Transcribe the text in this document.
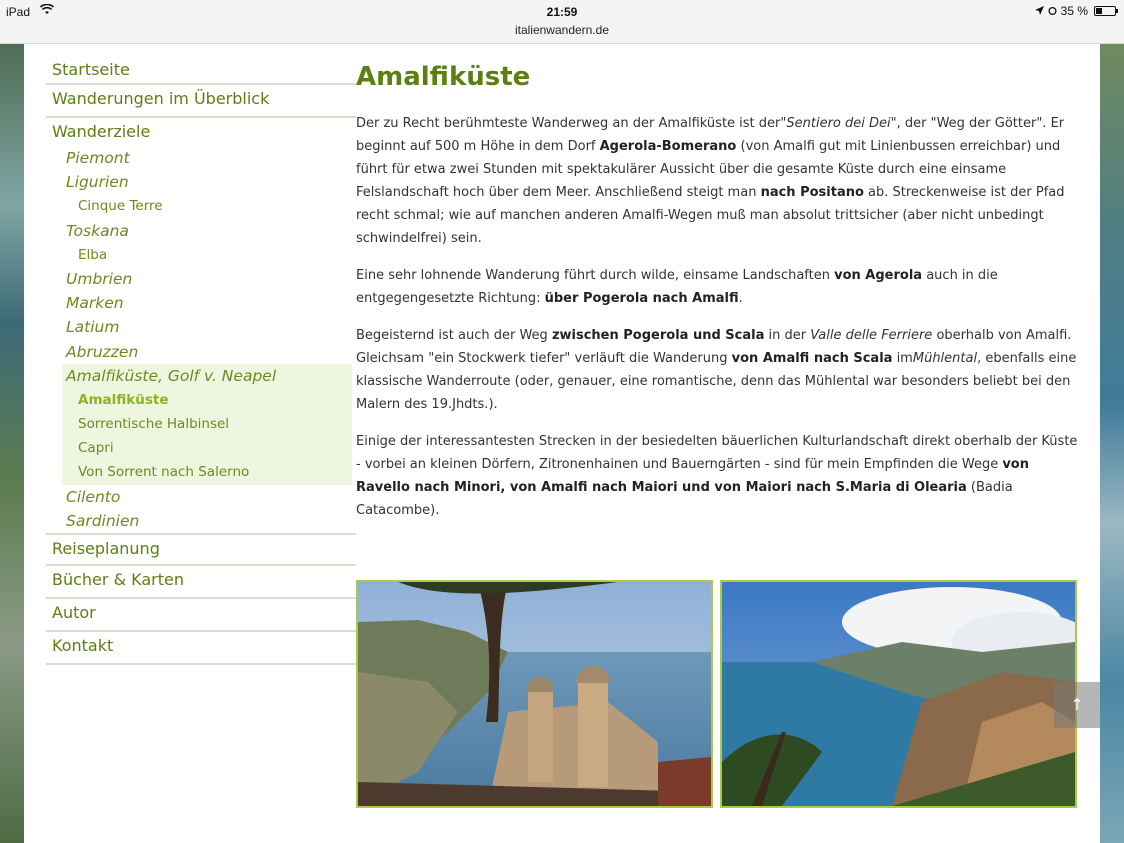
iPad	21:59
italienwandern.de
35 %
Startseite
Wanderungen im Überblick
Wanderziele
Piemont
Ligurien
Cinque Terre
Toskana
Elba
Umbrien
Marken
Latium
Abruzzen
Amalfiküste, Golf v. Neapel
Amalfiküste
Sorrentische Halbinsel
Capri
Von Sorrent nach Salerno
Cilento
Sardinien
Reiseplanung
Bücher & Karten
Autor
Kontakt
Amalfiküste

Der zu Recht berühmteste Wanderweg an der Amalfiküste ist der"Sentiero dei Dei", der "Weg der Götter". Er beginnt auf 500 m Höhe in dem Dorf Agerola-Bomerano (von Amalfi gut mit Linienbussen erreichbar) und führt für etwa zwei Stunden mit spektakulärer Aussicht über die gesamte Küste durch eine einsame Felslandschaft hoch über dem Meer. Anschließend steigt man nach Positano ab. Streckenweise ist der Pfad recht schmal; wie auf manchen anderen Amalfi-Wegen muß man absolut trittsicher (aber nicht unbedingt schwindelfrei) sein.

Eine sehr lohnende Wanderung führt durch wilde, einsame Landschaften von Agerola auch in die entgegengesetzte Richtung: über Pogerola nach Amalfi.

Begeisternd ist auch der Weg zwischen Pogerola und Scala in der Valle delle Ferriere oberhalb von Amalfi. Gleichsam "ein Stockwerk tiefer" verläuft die Wanderung von Amalfi nach Scala imMühlental, ebenfalls eine klassische Wanderroute (oder, genauer, eine romantische, denn das Mühlental war besonders beliebt bei den Malern des 19.Jhdts.).

Einige der interessantesten Strecken in der besiedelten bäuerlichen Kulturlandschaft direkt oberhalb der Küste - vorbei an kleinen Dörfern, Zitronenhainen und Bauerngärten - sind für mein Empfinden die Wege von Ravello nach Minori, von Amalfi nach Maiori und von Maiori nach S.Maria di Olearia (Badia Catacombe).

↑
